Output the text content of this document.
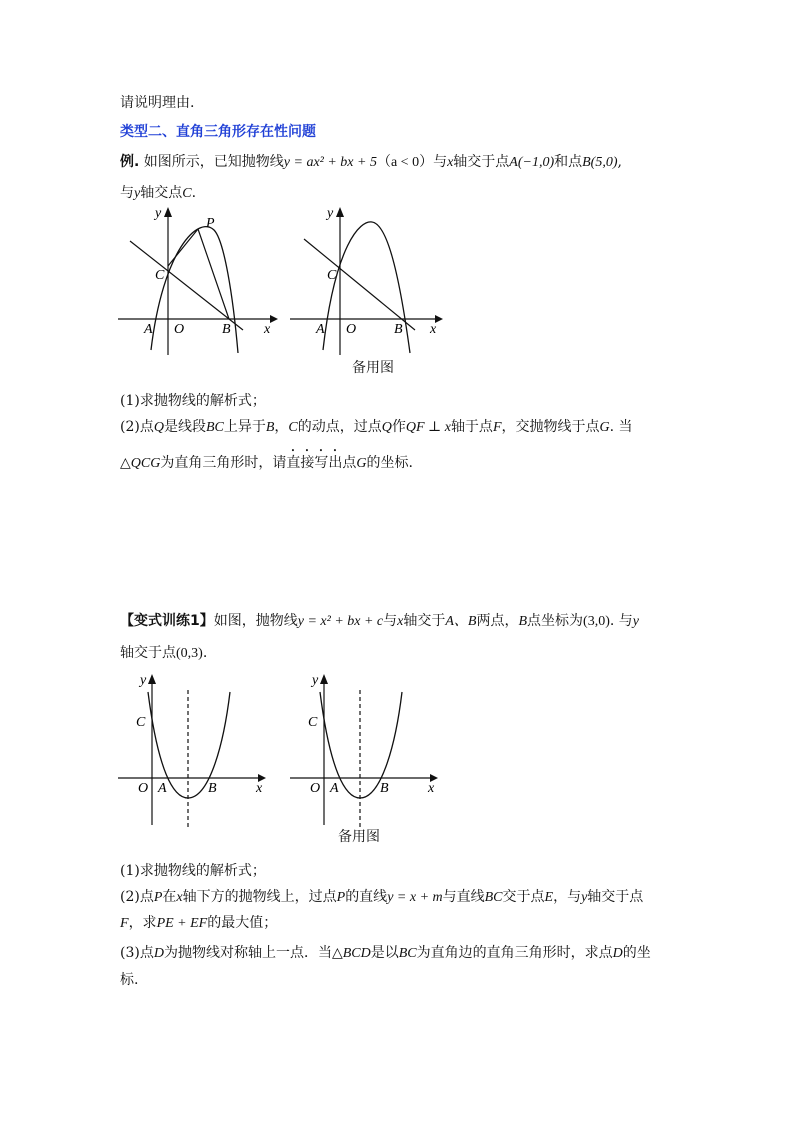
请说明理由.
类型二、直角三角形存在性问题
例. 如图所示，已知抛物线y = ax² + bx + 5（a < 0）与x轴交于点A(−1,0)和点B(5,0),
与y轴交点C.
y
x
P
C
A O	B
y
x
C
A O	B
备用图
(1)求抛物线的解析式；
(2)点Q是线段BC上异于B，C的动点，过点Q作QF ⊥ x轴于点F，交抛物线于点G. 当
△QCG为直角三角形时，请直接写出点G的坐标.
【变式训练1】如图，抛物线y = x² + bx + c与x轴交于A、B两点，B点坐标为(3,0). 与y
轴交于点(0,3).
y
x
C
O A	B
y
x
C
O A	B
备用图
(1)求抛物线的解析式；
(2)点P在x轴下方的抛物线上，过点P的直线y = x + m与直线BC交于点E，与y轴交于点
F，求PE + EF的最大值；
(3)点D为抛物线对称轴上一点．当△BCD是以BC为直角边的直角三角形时，求点D的坐
标.
